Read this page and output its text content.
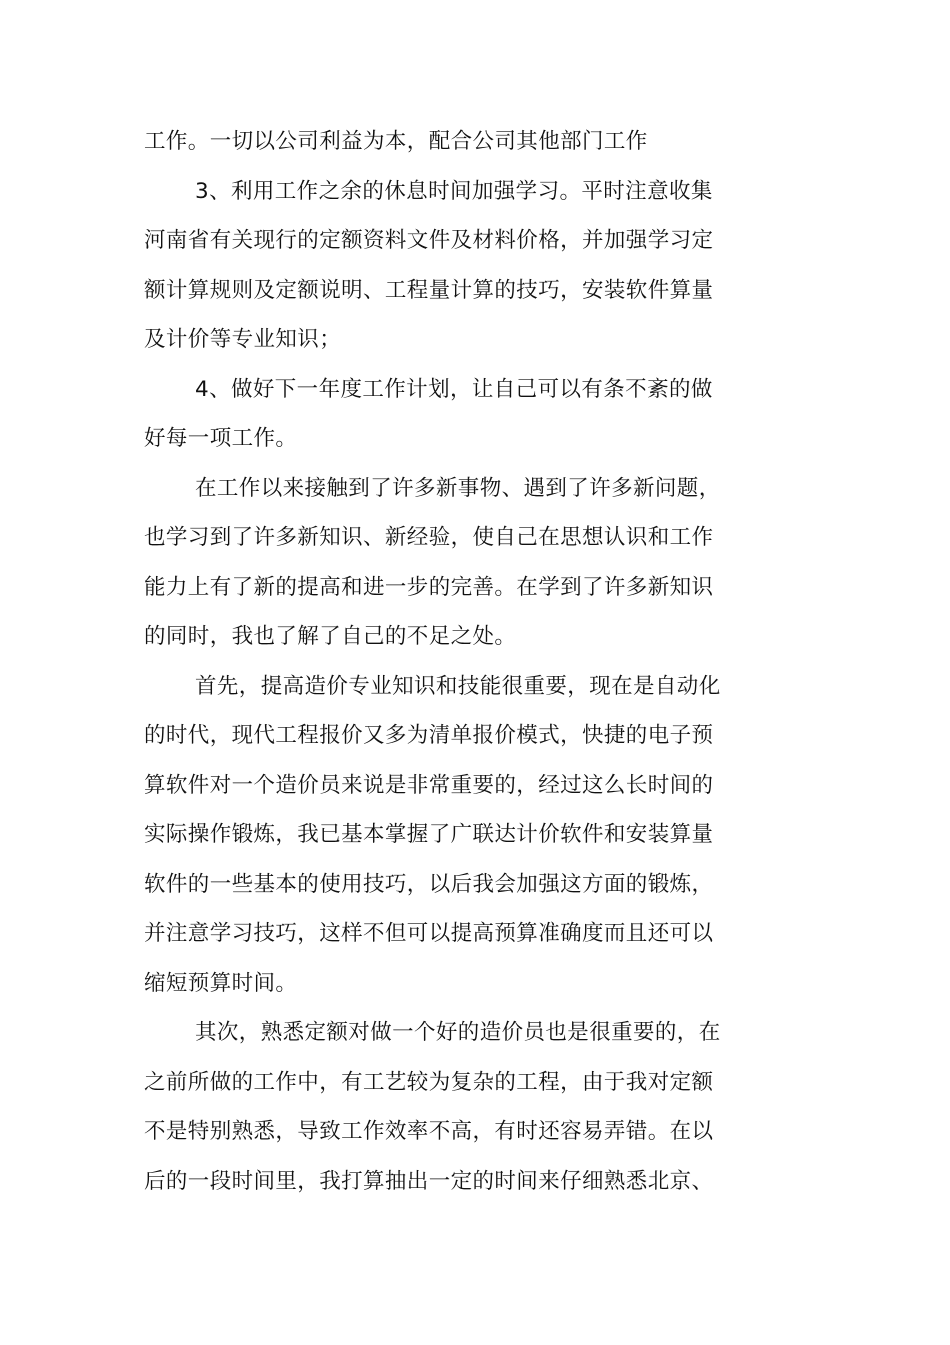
工作。一切以公司利益为本，配合公司其他部门工作
3、利用工作之余的休息时间加强学习。平时注意收集
河南省有关现行的定额资料文件及材料价格，并加强学习定
额计算规则及定额说明、工程量计算的技巧，安装软件算量
及计价等专业知识；
4、做好下一年度工作计划，让自己可以有条不紊的做
好每一项工作。
在工作以来接触到了许多新事物、遇到了许多新问题，
也学习到了许多新知识、新经验，使自己在思想认识和工作
能力上有了新的提高和进一步的完善。在学到了许多新知识
的同时，我也了解了自己的不足之处。
首先，提高造价专业知识和技能很重要，现在是自动化
的时代，现代工程报价又多为清单报价模式，快捷的电子预
算软件对一个造价员来说是非常重要的，经过这么长时间的
实际操作锻炼，我已基本掌握了广联达计价软件和安装算量
软件的一些基本的使用技巧，以后我会加强这方面的锻炼，
并注意学习技巧，这样不但可以提高预算准确度而且还可以
缩短预算时间。
其次，熟悉定额对做一个好的造价员也是很重要的，在
之前所做的工作中，有工艺较为复杂的工程，由于我对定额
不是特别熟悉，导致工作效率不高，有时还容易弄错。在以
后的一段时间里，我打算抽出一定的时间来仔细熟悉北京、
